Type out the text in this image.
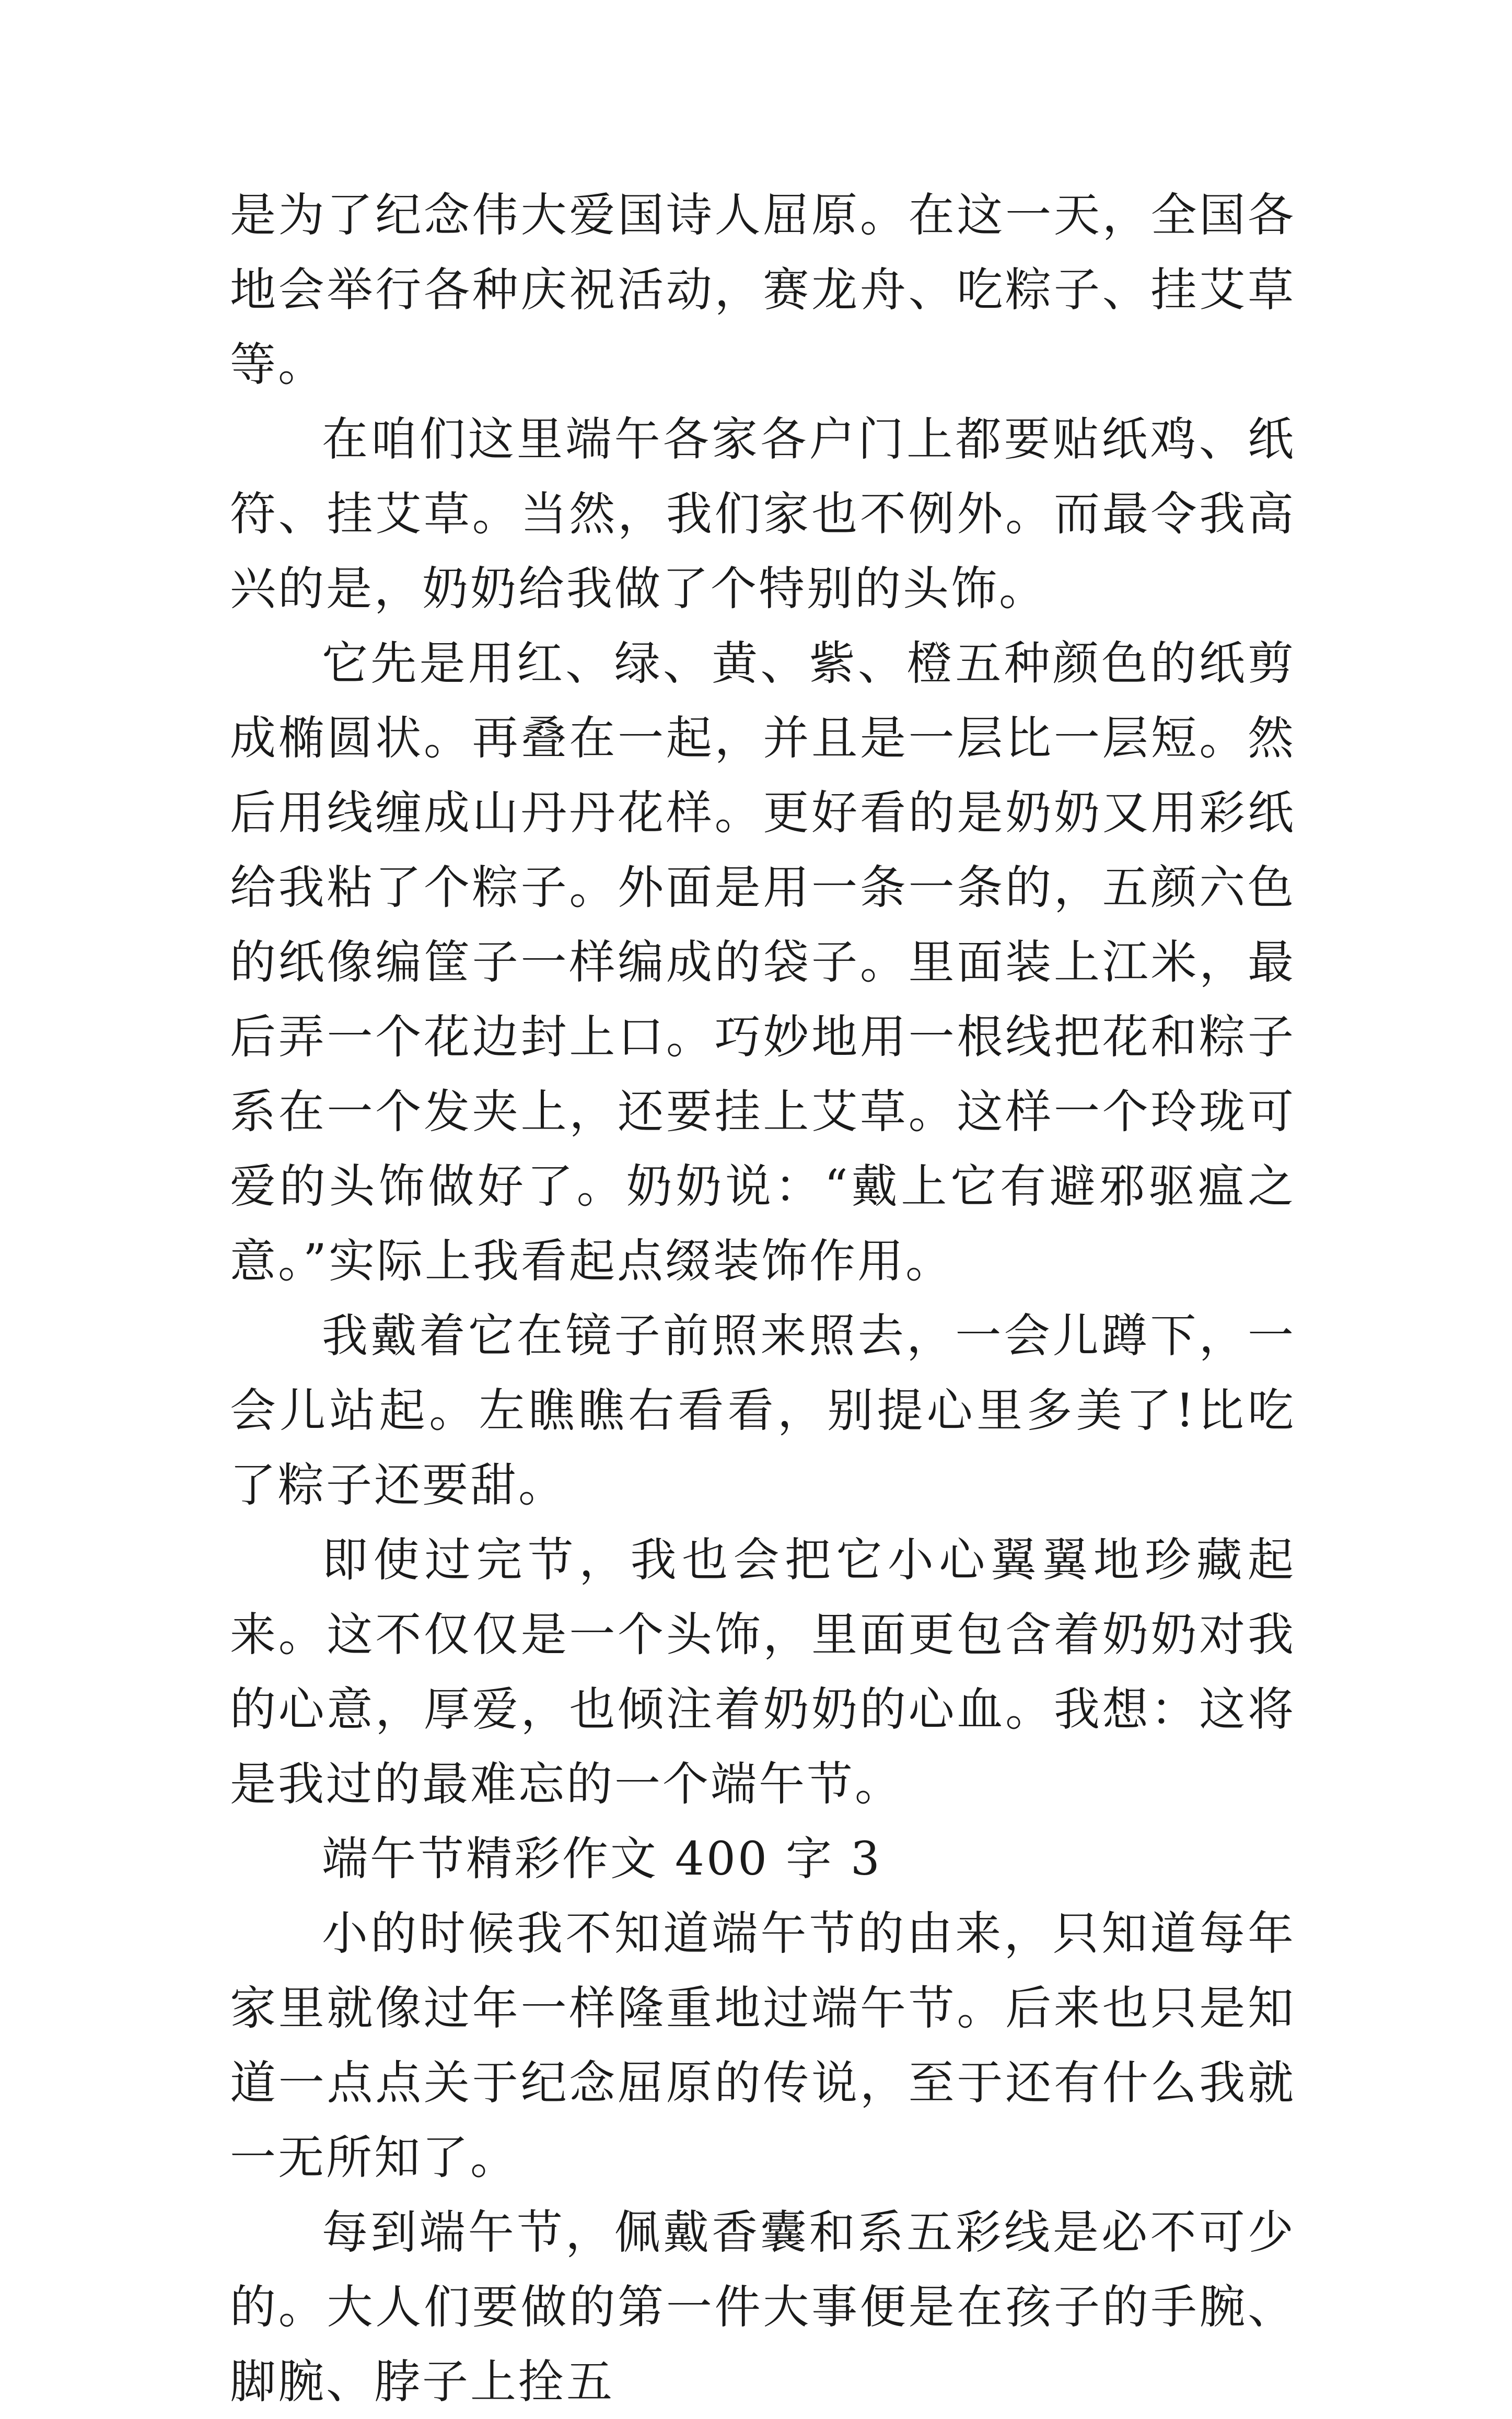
是为了纪念伟大爱国诗人屈原。在这一天，全国各地会举行各种庆祝活动，赛龙舟、吃粽子、挂艾草等。

在咱们这里端午各家各户门上都要贴纸鸡、纸符、挂艾草。当然，我们家也不例外。而最令我高兴的是，奶奶给我做了个特别的头饰。

它先是用红、绿、黄、紫、橙五种颜色的纸剪成椭圆状。再叠在一起，并且是一层比一层短。然后用线缠成山丹丹花样。更好看的是奶奶又用彩纸给我粘了个粽子。外面是用一条一条的，五颜六色的纸像编筐子一样编成的袋子。里面装上江米，最后弄一个花边封上口。巧妙地用一根线把花和粽子系在一个发夹上，还要挂上艾草。这样一个玲珑可爱的头饰做好了。奶奶说：“戴上它有避邪驱瘟之意。”实际上我看起点缀装饰作用。

我戴着它在镜子前照来照去，一会儿蹲下，一会儿站起。左瞧瞧右看看，别提心里多美了!比吃了粽子还要甜。

即使过完节，我也会把它小心翼翼地珍藏起来。这不仅仅是一个头饰，里面更包含着奶奶对我的心意，厚爱，也倾注着奶奶的心血。我想：这将是我过的最难忘的一个端午节。

端午节精彩作文 400 字 3

小的时候我不知道端午节的由来，只知道每年家里就像过年一样隆重地过端午节。后来也只是知道一点点关于纪念屈原的传说，至于还有什么我就一无所知了。

每到端午节，佩戴香囊和系五彩线是必不可少的。大人们要做的第一件大事便是在孩子的手腕、脚腕、脖子上拴五
